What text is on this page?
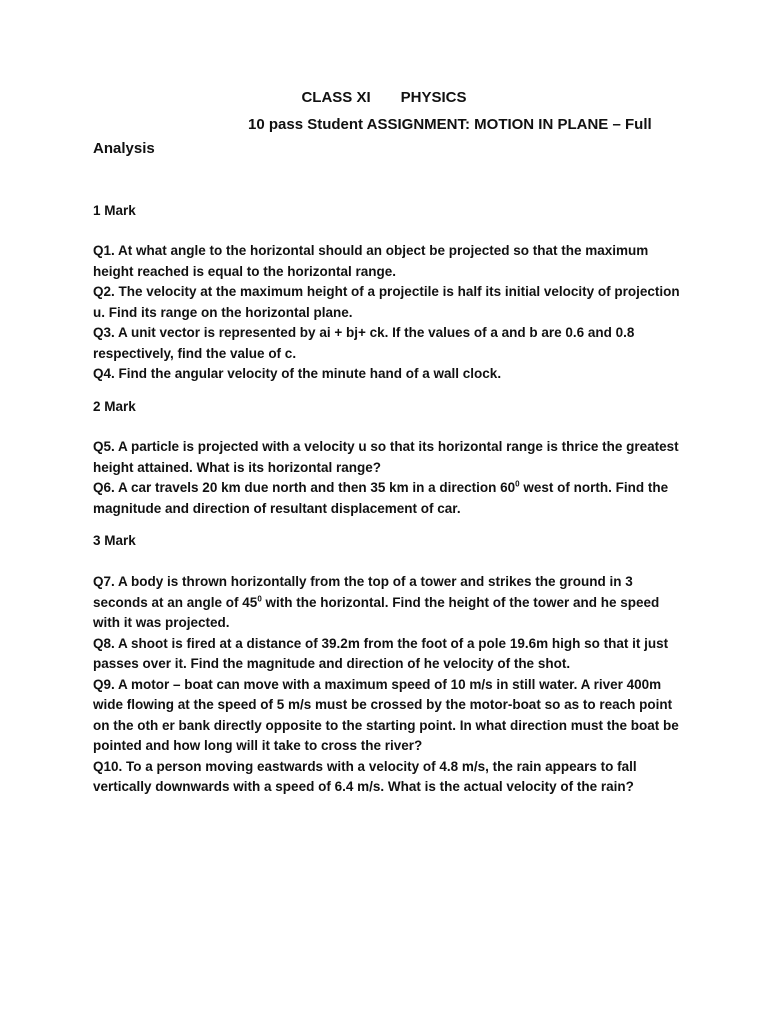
CLASS XI PHYSICS
10 pass Student ASSIGNMENT: MOTION IN PLANE – Full Analysis
1 Mark

Q1. At what angle to the horizontal should an object be projected so that the maximum height reached is equal to the horizontal range.

Q2. The velocity at the maximum height of a projectile is half its initial velocity of projection u. Find its range on the horizontal plane.

Q3. A unit vector is represented by ai + bj+ ck. If the values of a and b are 0.6 and 0.8 respectively, find the value of c.

Q4. Find the angular velocity of the minute hand of a wall clock.

2 Mark

Q5. A particle is projected with a velocity u so that its horizontal range is thrice the greatest height attained. What is its horizontal range?

Q6. A car travels 20 km due north and then 35 km in a direction $60^0$ west of north. Find the magnitude and direction of resultant displacement of car.

3 Mark

Q7. A body is thrown horizontally from the top of a tower and strikes the ground in 3 seconds at an angle of $45^0$ with the horizontal. Find the height of the tower and he speed with it was projected.

Q8. A shoot is fired at a distance of 39.2m from the foot of a pole 19.6m high so that it just passes over it. Find the magnitude and direction of he velocity of the shot.

Q9. A motor – boat can move with a maximum speed of 10 m/s in still water. A river 400m wide flowing at the speed of 5 m/s must be crossed by the motor-boat so as to reach point on the oth er bank directly opposite to the starting point. In what direction must the boat be pointed and how long will it take to cross the river?

Q10. To a person moving eastwards with a velocity of 4.8 m/s, the rain appears to fall vertically downwards with a speed of 6.4 m/s. What is the actual velocity of the rain?
